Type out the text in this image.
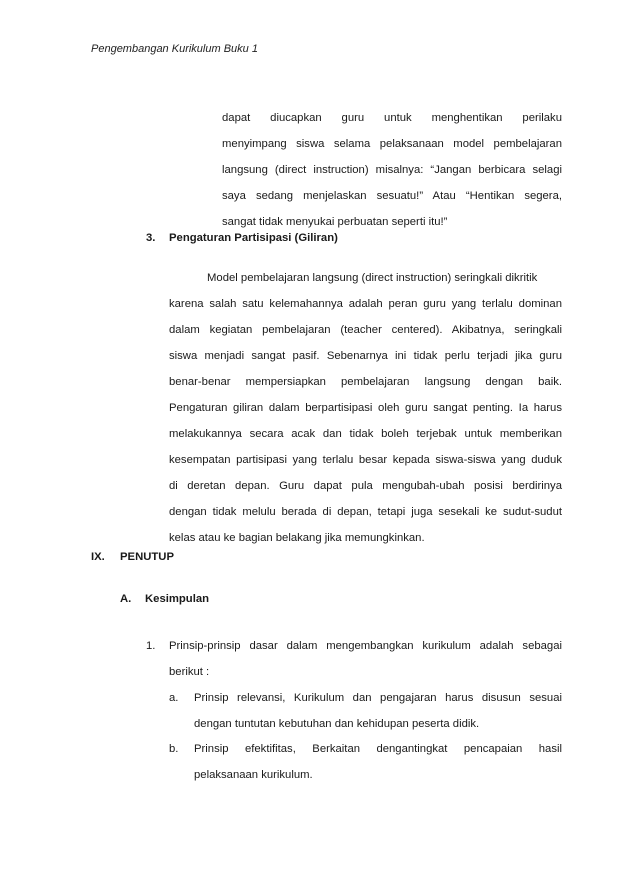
Pengembangan Kurikulum Buku 1
dapat diucapkan guru untuk menghentikan perilaku
menyimpang siswa selama pelaksanaan model pembelajaran
langsung (direct instruction) misalnya: “Jangan berbicara selagi
saya sedang menjelaskan sesuatu!” Atau “Hentikan segera,
sangat tidak menyukai perbuatan seperti itu!”
3. Pengaturan Partisipasi (Giliran)
Model pembelajaran langsung (direct instruction) seringkali dikritik
karena salah satu kelemahannya adalah peran guru yang terlalu dominan
dalam kegiatan pembelajaran (teacher centered). Akibatnya, seringkali
siswa menjadi sangat pasif. Sebenarnya ini tidak perlu terjadi jika guru
benar-benar mempersiapkan pembelajaran langsung dengan baik.
Pengaturan giliran dalam berpartisipasi oleh guru sangat penting. Ia harus
melakukannya secara acak dan tidak boleh terjebak untuk memberikan
kesempatan partisipasi yang terlalu besar kepada siswa-siswa yang duduk
di deretan depan. Guru dapat pula mengubah-ubah posisi berdirinya
dengan tidak melulu berada di depan, tetapi juga sesekali ke sudut-sudut
kelas atau ke bagian belakang jika memungkinkan.
IX. PENUTUP
A. Kesimpulan
1. Prinsip-prinsip dasar dalam mengembangkan kurikulum adalah sebagai
berikut :
a. Prinsip relevansi, Kurikulum dan pengajaran harus disusun sesuai
dengan tuntutan kebutuhan dan kehidupan peserta didik.
b. Prinsip efektifitas, Berkaitan dengantingkat pencapaian hasil
pelaksanaan kurikulum.
